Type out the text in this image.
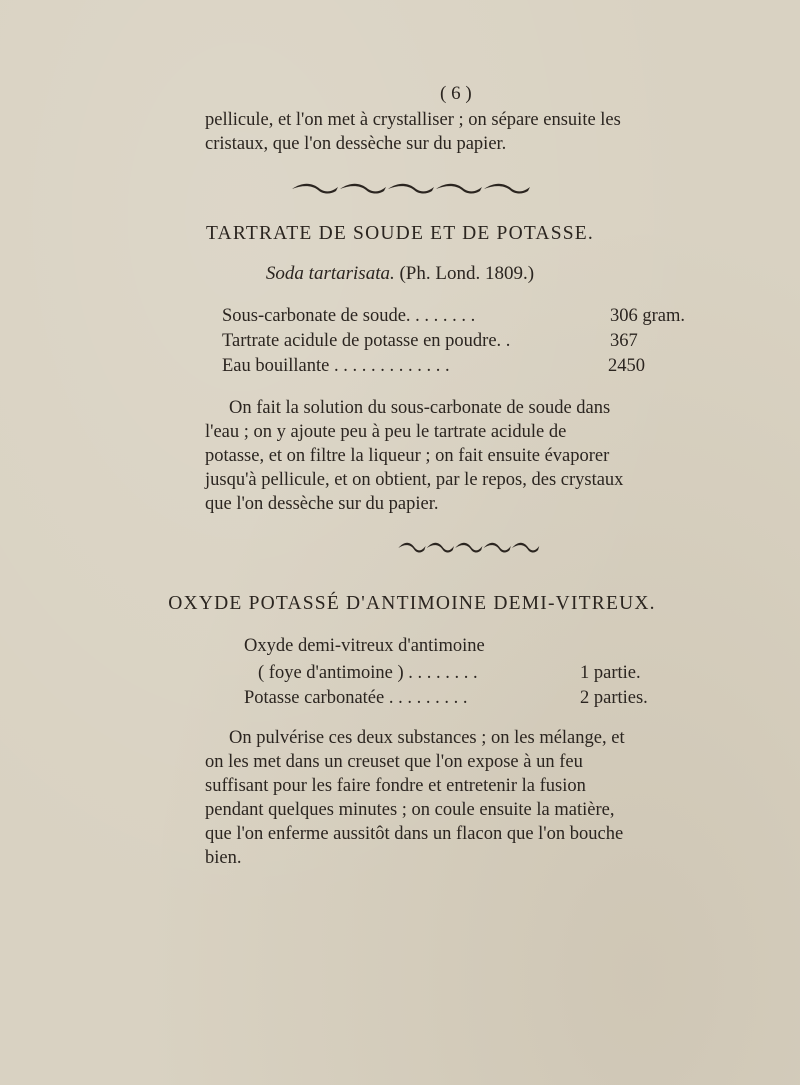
( 6 )
pellicule, et l'on met à crystalliser ; on sépare ensuite les
cristaux, que l'on dessèche sur du papier.
TARTRATE DE SOUDE ET DE POTASSE.
Soda tartarisata. (Ph. Lond. 1809.)
Sous-carbonate de soude. . . . . . . .	306 gram.
Tartrate acidule de potasse en poudre. .	367
Eau bouillante . . . . . . . . . . . . .	2450
On fait la solution du sous-carbonate de soude dans
l'eau ; on y ajoute peu à peu le tartrate acidule de
potasse, et on filtre la liqueur ; on fait ensuite évaporer
jusqu'à pellicule, et on obtient, par le repos, des crystaux
que l'on dessèche sur du papier.
OXYDE POTASSÉ D'ANTIMOINE DEMI-VITREUX.
Oxyde demi-vitreux d'antimoine
( foye d'antimoine ) . . . . . . . .	1 partie.
Potasse carbonatée . . . . . . . . .	2 parties.
On pulvérise ces deux substances ; on les mélange, et
on les met dans un creuset que l'on expose à un feu
suffisant pour les faire fondre et entretenir la fusion
pendant quelques minutes ; on coule ensuite la matière,
que l'on enferme aussitôt dans un flacon que l'on bouche
bien.
